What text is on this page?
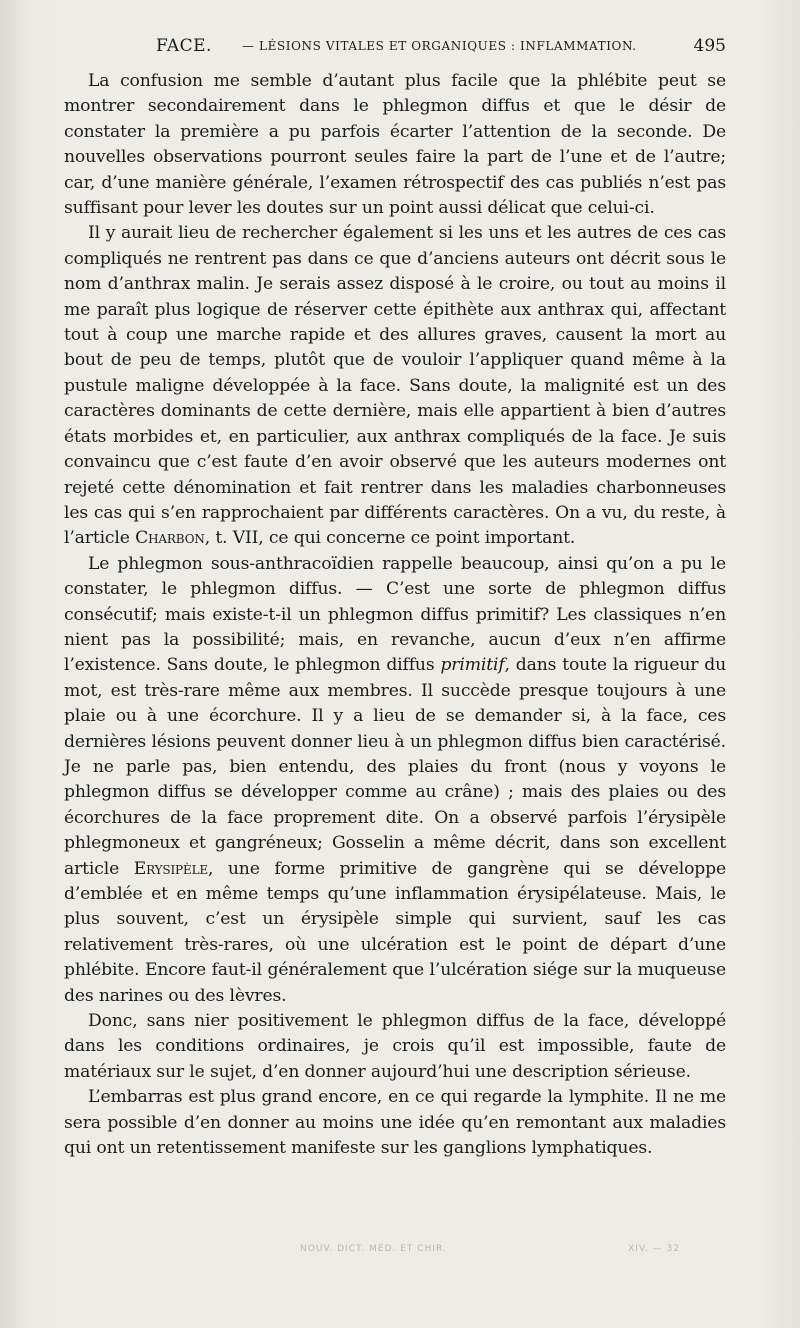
FACE.	— LÉSIONS VITALES ET ORGANIQUES : INFLAMMATION.	495

La confusion me semble d’autant plus facile que la phlébite peut se montrer secondairement dans le phlegmon diffus et que le désir de constater la première a pu parfois écarter l’attention de la seconde. De nouvelles observations pourront seules faire la part de l’une et de l’autre; car, d’une manière générale, l’examen rétrospectif des cas publiés n’est pas suffisant pour lever les doutes sur un point aussi délicat que celui-ci.

Il y aurait lieu de rechercher également si les uns et les autres de ces cas compliqués ne rentrent pas dans ce que d’anciens auteurs ont décrit sous le nom d’anthrax malin. Je serais assez disposé à le croire, ou tout au moins il me paraît plus logique de réserver cette épithète aux anthrax qui, affectant tout à coup une marche rapide et des allures graves, causent la mort au bout de peu de temps, plutôt que de vouloir l’appliquer quand même à la pustule maligne développée à la face. Sans doute, la malignité est un des caractères dominants de cette dernière, mais elle appartient à bien d’autres états morbides et, en particulier, aux anthrax compliqués de la face. Je suis convaincu que c’est faute d’en avoir observé que les auteurs modernes ont rejeté cette dénomination et fait rentrer dans les maladies charbonneuses les cas qui s’en rapprochaient par différents caractères. On a vu, du reste, à l’article Charbon, t. VII, ce qui concerne ce point important.

Le phlegmon sous-anthracoïdien rappelle beaucoup, ainsi qu’on a pu le constater, le phlegmon diffus. — C’est une sorte de phlegmon diffus consécutif; mais existe-t-il un phlegmon diffus primitif? Les classiques n’en nient pas la possibilité; mais, en revanche, aucun d’eux n’en affirme l’existence. Sans doute, le phlegmon diffus primitif, dans toute la rigueur du mot, est très-rare même aux membres. Il succède presque toujours à une plaie ou à une écorchure. Il y a lieu de se demander si, à la face, ces dernières lésions peuvent donner lieu à un phlegmon diffus bien caractérisé. Je ne parle pas, bien entendu, des plaies du front (nous y voyons le phlegmon diffus se développer comme au crâne) ; mais des plaies ou des écorchures de la face proprement dite. On a observé parfois l’érysipèle phlegmoneux et gangréneux; Gosselin a même décrit, dans son excellent article Erysipèle, une forme primitive de gangrène qui se développe d’emblée et en même temps qu’une inflammation érysipélateuse. Mais, le plus souvent, c’est un érysipèle simple qui survient, sauf les cas relativement très-rares, où une ulcération est le point de départ d’une phlébite. Encore faut-il généralement que l’ulcération siége sur la muqueuse des narines ou des lèvres.

Donc, sans nier positivement le phlegmon diffus de la face, développé dans les conditions ordinaires, je crois qu’il est impossible, faute de matériaux sur le sujet, d’en donner aujourd’hui une description sérieuse.

L’embarras est plus grand encore, en ce qui regarde la lymphite. Il ne me sera possible d’en donner au moins une idée qu’en remontant aux maladies qui ont un retentissement manifeste sur les ganglions lymphatiques.

NOUV. DICT. MÉD. ET CHIR.	XIV. — 32
